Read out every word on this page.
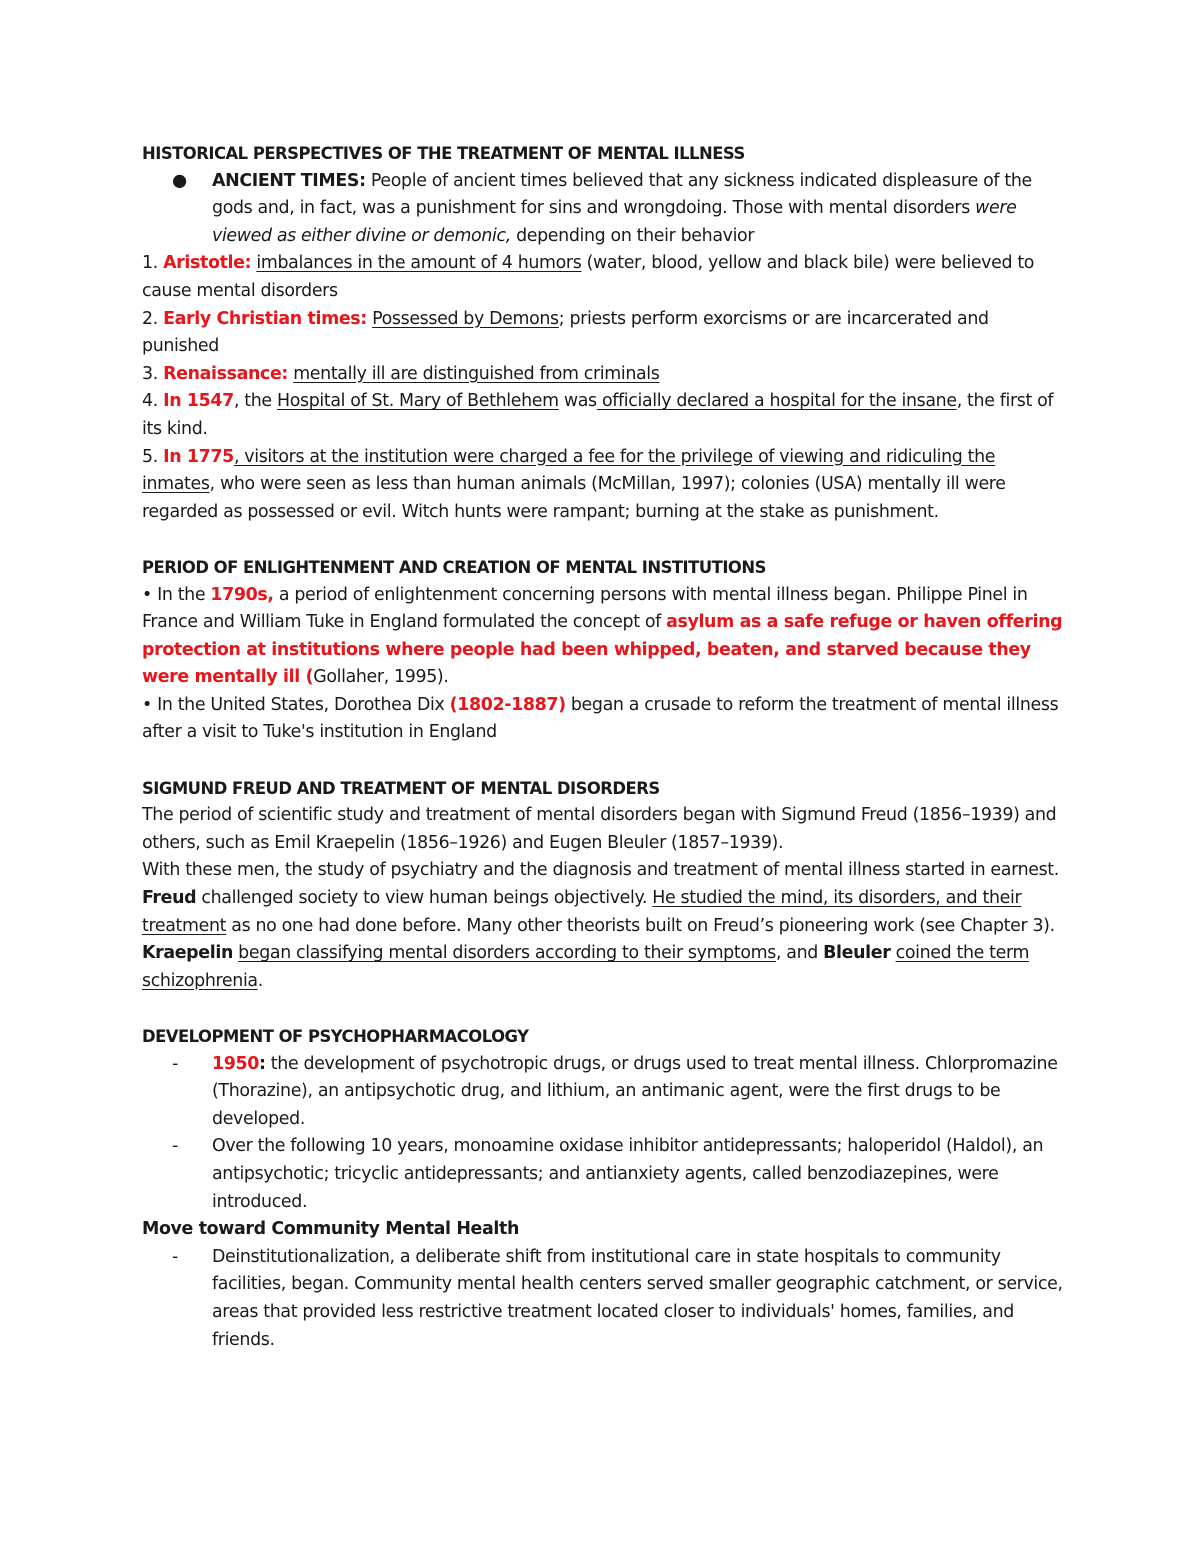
HISTORICAL PERSPECTIVES OF THE TREATMENT OF MENTAL ILLNESS

●	ANCIENT TIMES: People of ancient times believed that any sickness indicated displeasure of the gods and, in fact, was a punishment for sins and wrongdoing. Those with mental disorders were viewed as either divine or demonic, depending on their behavior

1. Aristotle: imbalances in the amount of 4 humors (water, blood, yellow and black bile) were believed to cause mental disorders

2. Early Christian times: Possessed by Demons; priests perform exorcisms or are incarcerated and punished

3. Renaissance: mentally ill are distinguished from criminals

4. In 1547, the Hospital of St. Mary of Bethlehem was officially declared a hospital for the insane, the first of its kind.

5. In 1775, visitors at the institution were charged a fee for the privilege of viewing and ridiculing the inmates, who were seen as less than human animals (McMillan, 1997); colonies (USA) mentally ill were regarded as possessed or evil. Witch hunts were rampant; burning at the stake as punishment.

PERIOD OF ENLIGHTENMENT AND CREATION OF MENTAL INSTITUTIONS

• In the 1790s, a period of enlightenment concerning persons with mental illness began. Philippe Pinel in France and William Tuke in England formulated the concept of asylum as a safe refuge or haven offering protection at institutions where people had been whipped, beaten, and starved because they were mentally ill (Gollaher, 1995).

• In the United States, Dorothea Dix (1802-1887) began a crusade to reform the treatment of mental illness after a visit to Tuke's institution in England

SIGMUND FREUD AND TREATMENT OF MENTAL DISORDERS

The period of scientific study and treatment of mental disorders began with Sigmund Freud (1856–1939) and others, such as Emil Kraepelin (1856–1926) and Eugen Bleuler (1857–1939).

With these men, the study of psychiatry and the diagnosis and treatment of mental illness started in earnest.

Freud challenged society to view human beings objectively. He studied the mind, its disorders, and their treatment as no one had done before. Many other theorists built on Freud’s pioneering work (see Chapter 3). Kraepelin began classifying mental disorders according to their symptoms, and Bleuler coined the term schizophrenia.

DEVELOPMENT OF PSYCHOPHARMACOLOGY

-	1950: the development of psychotropic drugs, or drugs used to treat mental illness. Chlorpromazine (Thorazine), an antipsychotic drug, and lithium, an antimanic agent, were the first drugs to be developed.
-	Over the following 10 years, monoamine oxidase inhibitor antidepressants; haloperidol (Haldol), an antipsychotic; tricyclic antidepressants; and antianxiety agents, called benzodiazepines, were introduced.

Move toward Community Mental Health

-	Deinstitutionalization, a deliberate shift from institutional care in state hospitals to community facilities, began. Community mental health centers served smaller geographic catchment, or service, areas that provided less restrictive treatment located closer to individuals' homes, families, and friends.
